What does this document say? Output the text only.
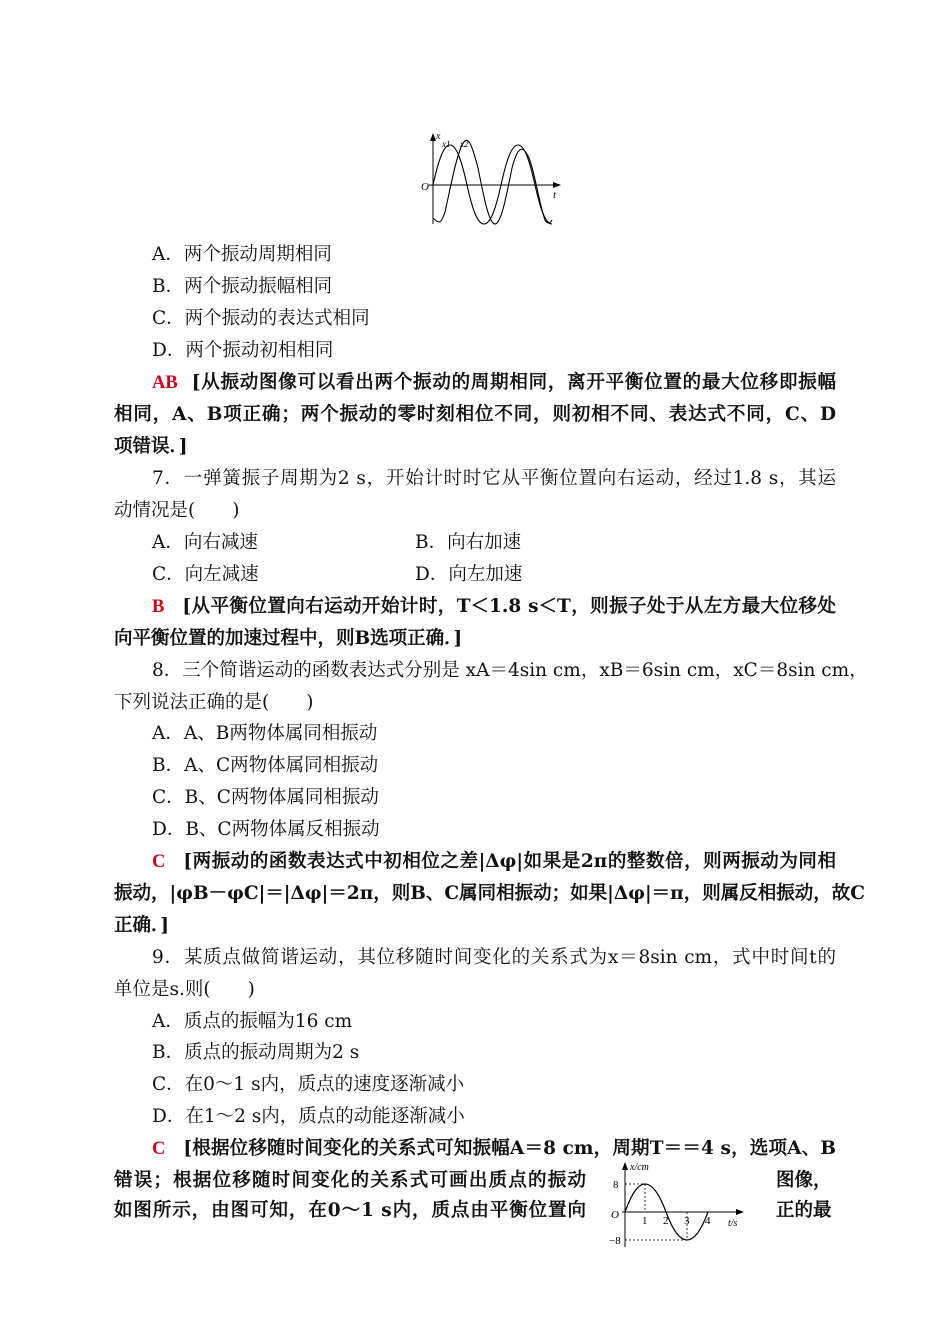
x
x1 x2
O
t
A．两个振动周期相同
B．两个振动振幅相同
C．两个振动的表达式相同
D．两个振动初相相同
AB [从振动图像可以看出两个振动的周期相同，离开平衡位置的最大位移即振幅
相同，A、B项正确；两个振动的零时刻相位不同，则初相不同、表达式不同，C、D
项错误．]
7．一弹簧振子周期为2 s，开始计时时它从平衡位置向右运动，经过1.8 s，其运
动情况是(　　)
A．向右减速	B．向右加速
C．向左减速	D．向左加速
B [从平衡位置向右运动开始计时，T＜1.8 s＜T，则振子处于从左方最大位移处
向平衡位置的加速过程中，则B选项正确．]
8．三个简谐运动的函数表达式分别是 xA＝4sin cm，xB＝6sin cm，xC＝8sin cm，
下列说法正确的是(　　)
A．A、B两物体属同相振动
B．A、C两物体属同相振动
C．B、C两物体属同相振动
D．B、C两物体属反相振动
C [两振动的函数表达式中初相位之差|Δφ|如果是2π的整数倍，则两振动为同相
振动，|φB－φC|＝|Δφ|＝2π，则B、C属同相振动；如果|Δφ|＝π，则属反相振动，故C
正确．]
9．某质点做简谐运动，其位移随时间变化的关系式为x＝8sin cm，式中时间t的
单位是s.则(　　)
A．质点的振幅为16 cm
B．质点的振动周期为2 s
C．在0～1 s内，质点的速度逐渐减小
D．在1～2 s内，质点的动能逐渐减小
C [根据位移随时间变化的关系式可知振幅A＝8 cm，周期T＝＝4 s，选项A、B
错误；根据位移随时间变化的关系式可画出质点的振动	图像，
如图所示，由图可知，在0～1 s内，质点由平衡位置向	正的最
x/cm
8
−8
O 1 2 3 4 t/s
